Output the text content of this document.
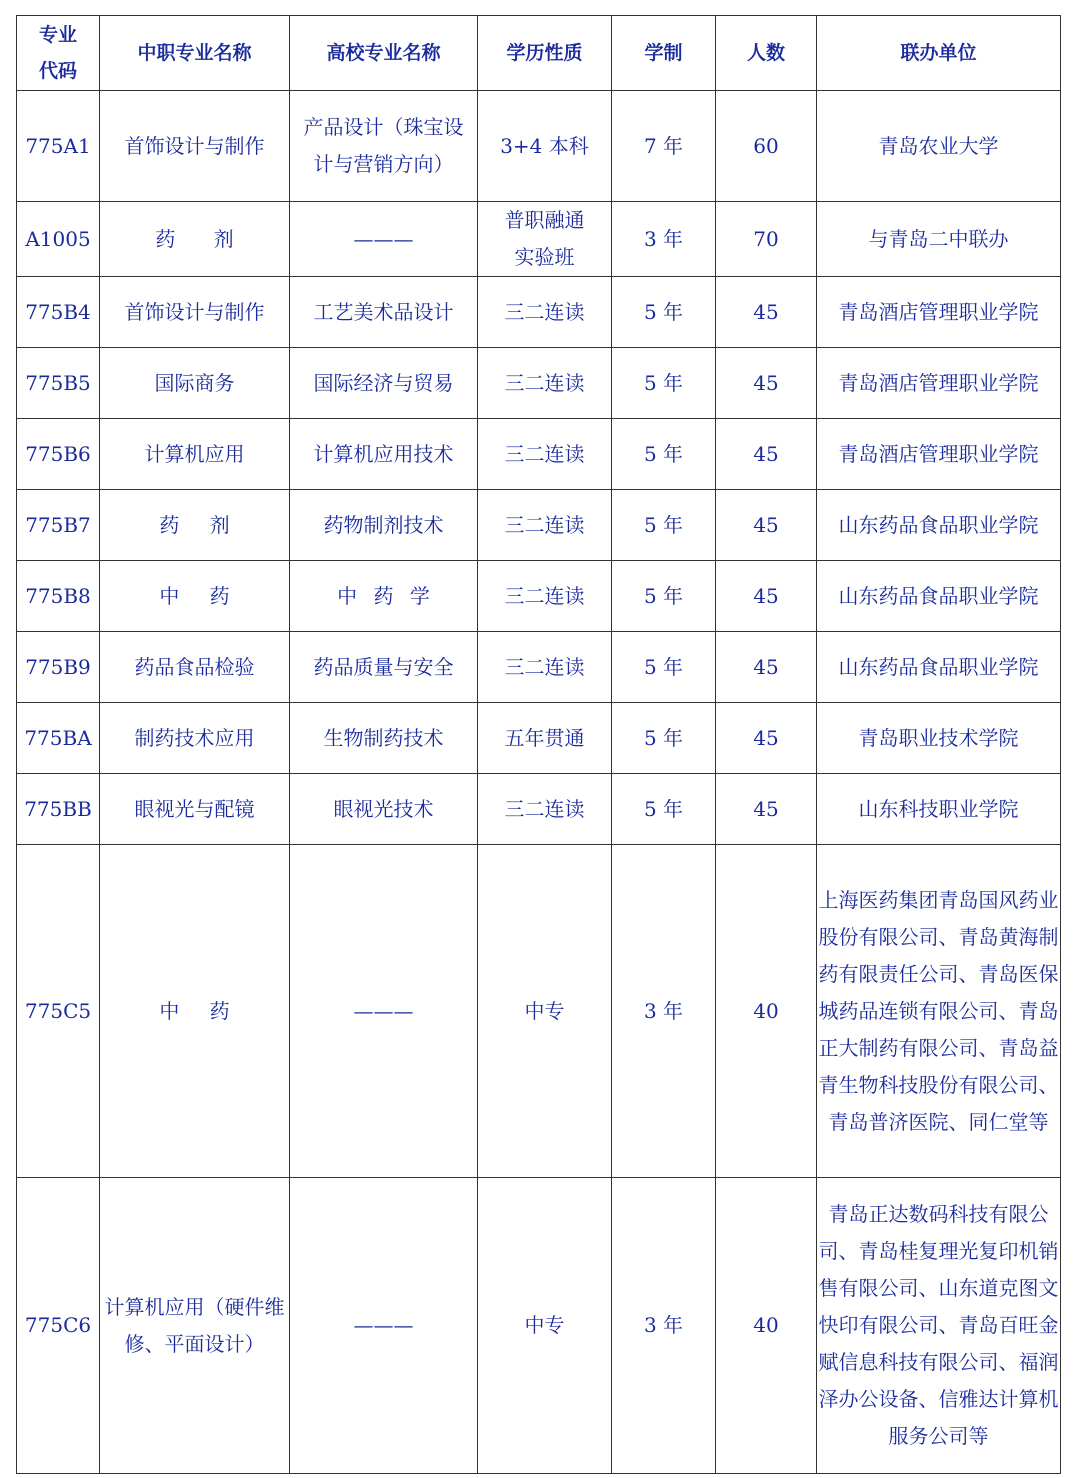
专业代码	中职专业名称	高校专业名称	学历性质	学制	人数	联办单位
775A1	首饰设计与制作	产品设计（珠宝设计与营销方向）	3+4 本科	7 年	60	青岛农业大学
A1005	药 剂	———	普职融通实验班	3 年	70	与青岛二中联办
775B4	首饰设计与制作	工艺美术品设计	三二连读	5 年	45	青岛酒店管理职业学院
775B5	国际商务	国际经济与贸易	三二连读	5 年	45	青岛酒店管理职业学院
775B6	计算机应用	计算机应用技术	三二连读	5 年	45	青岛酒店管理职业学院
775B7	药 剂	药物制剂技术	三二连读	5 年	45	山东药品食品职业学院
775B8	中 药	中 药 学	三二连读	5 年	45	山东药品食品职业学院
775B9	药品食品检验	药品质量与安全	三二连读	5 年	45	山东药品食品职业学院
775BA	制药技术应用	生物制药技术	五年贯通	5 年	45	青岛职业技术学院
775BB	眼视光与配镜	眼视光技术	三二连读	5 年	45	山东科技职业学院
775C5	中 药	———	中专	3 年	40	上海医药集团青岛国风药业股份有限公司、青岛黄海制药有限责任公司、青岛医保城药品连锁有限公司、青岛正大制药有限公司、青岛益青生物科技股份有限公司、青岛普济医院、同仁堂等
775C6	计算机应用（硬件维修、平面设计）	———	中专	3 年	40	青岛正达数码科技有限公司、青岛桂复理光复印机销售有限公司、山东道克图文快印有限公司、青岛百旺金赋信息科技有限公司、福润泽办公设备、信雅达计算机服务公司等
